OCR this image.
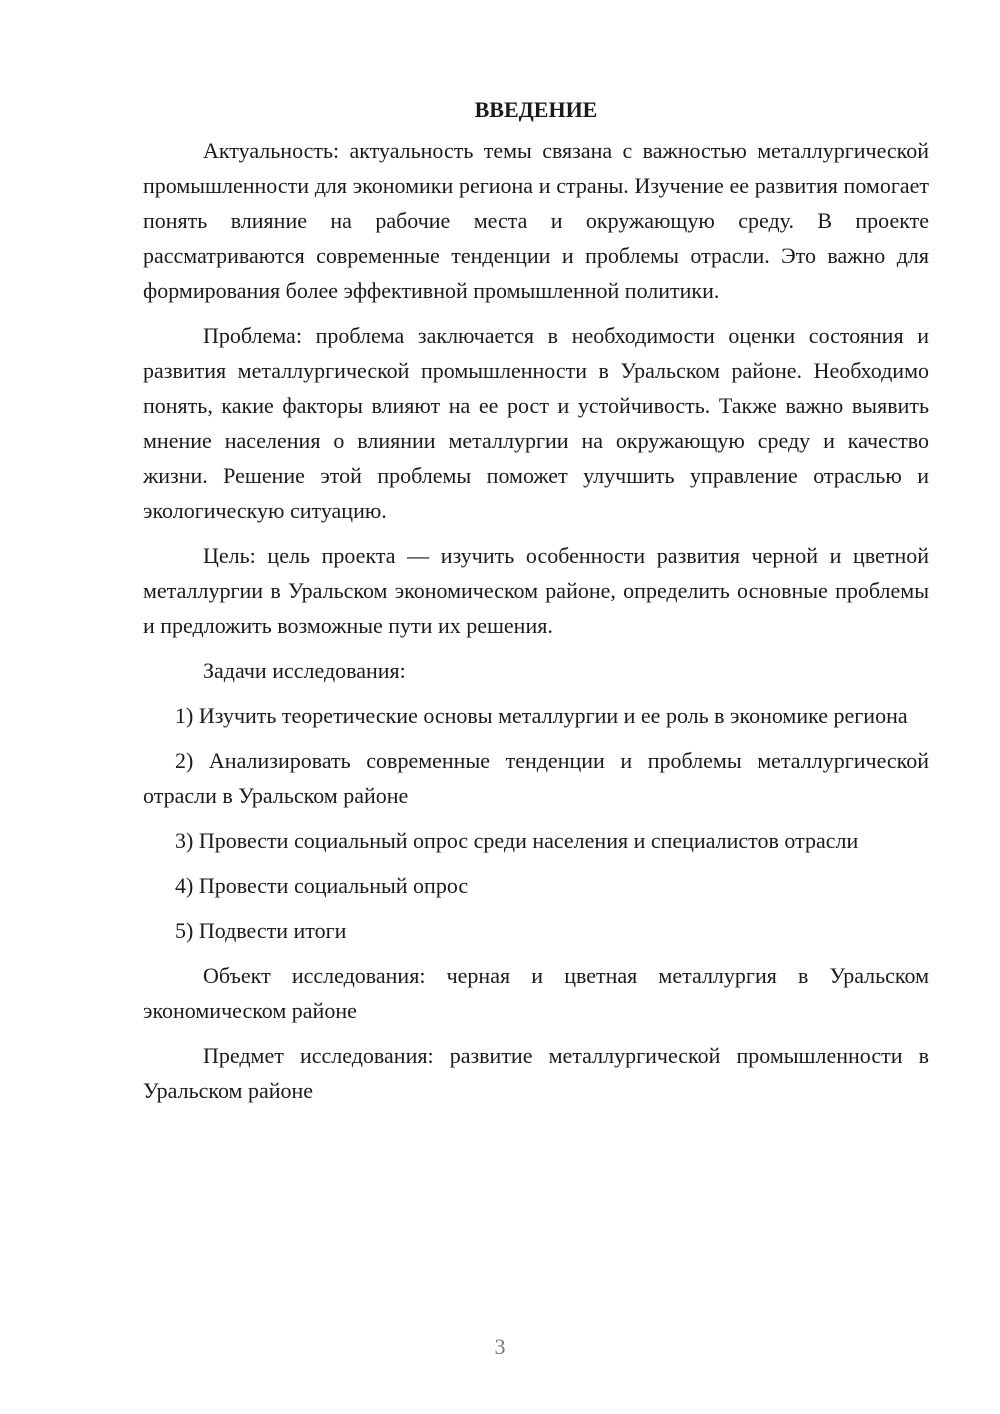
ВВЕДЕНИЕ

Актуальность: актуальность темы связана с важностью металлургической промышленности для экономики региона и страны. Изучение ее развития помогает понять влияние на рабочие места и окружающую среду. В проекте рассматриваются современные тенденции и проблемы отрасли. Это важно для формирования более эффективной промышленной политики.

Проблема: проблема заключается в необходимости оценки состояния и развития металлургической промышленности в Уральском районе. Необходимо понять, какие факторы влияют на ее рост и устойчивость. Также важно выявить мнение населения о влиянии металлургии на окружающую среду и качество жизни. Решение этой проблемы поможет улучшить управление отраслью и экологическую ситуацию.

Цель: цель проекта — изучить особенности развития черной и цветной металлургии в Уральском экономическом районе, определить основные проблемы и предложить возможные пути их решения.

Задачи исследования:

1) Изучить теоретические основы металлургии и ее роль в экономике региона

2) Анализировать современные тенденции и проблемы металлургической отрасли в Уральском районе

3) Провести социальный опрос среди населения и специалистов отрасли

4) Провести социальный опрос

5) Подвести итоги

Объект исследования: черная и цветная металлургия в Уральском экономическом районе

Предмет исследования: развитие металлургической промышленности в Уральском районе

3
